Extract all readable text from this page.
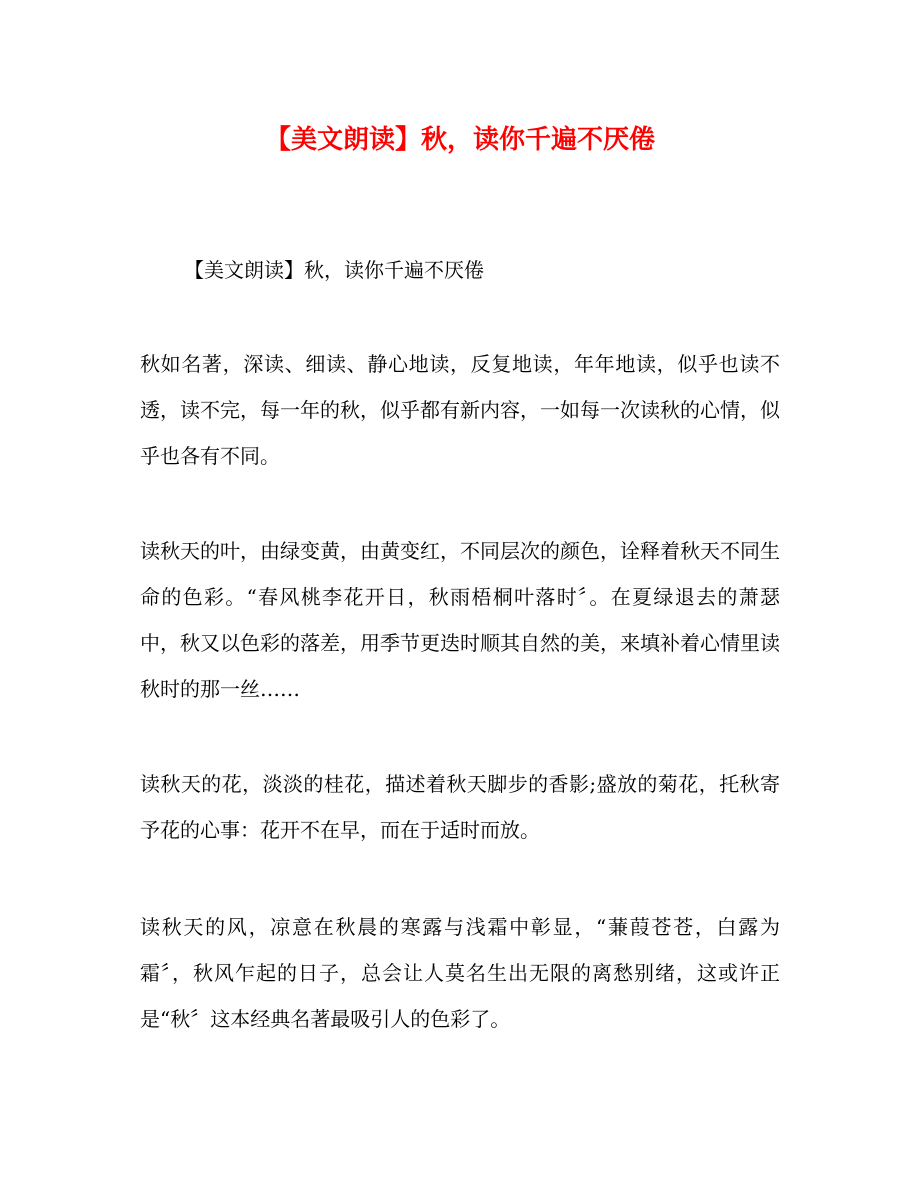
【美文朗读】秋，读你千遍不厌倦
【美文朗读】秋，读你千遍不厌倦
秋如名著，深读、细读、静心地读，反复地读，年年地读，似乎也读不透，读不完，每一年的秋，似乎都有新内容，一如每一次读秋的心情，似乎也各有不同。
读秋天的叶，由绿变黄，由黄变红，不同层次的颜色，诠释着秋天不同生命的色彩。“春风桃李花开日，秋雨梧桐叶落时〞。在夏绿退去的萧瑟中，秋又以色彩的落差，用季节更迭时顺其自然的美，来填补着心情里读秋时的那一丝……
读秋天的花，淡淡的桂花，描述着秋天脚步的香影;盛放的菊花，托秋寄予花的心事：花开不在早，而在于适时而放。
读秋天的风，凉意在秋晨的寒露与浅霜中彰显，“蒹葭苍苍，白露为霜〞，秋风乍起的日子，总会让人莫名生出无限的离愁别绪，这或许正是“秋〞这本经典名著最吸引人的色彩了。
